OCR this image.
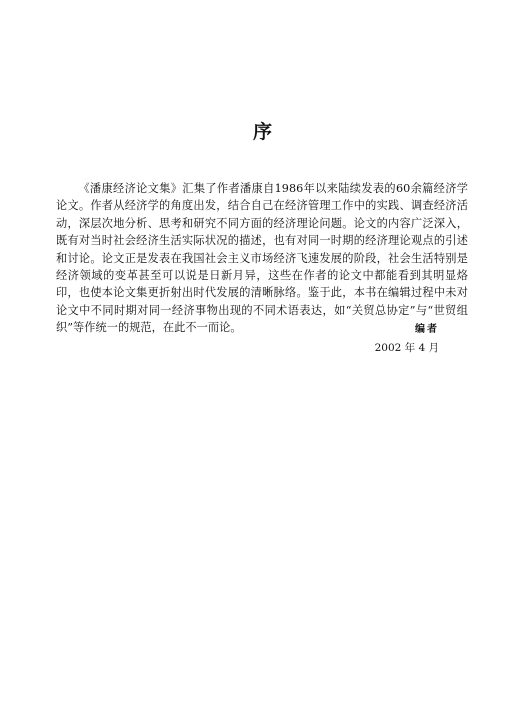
序

《潘康经济论文集》汇集了作者潘康自1986年以来陆续发表的60余篇经济学论文。作者从经济学的角度出发，结合自己在经济管理工作中的实践、调查经济活动，深层次地分析、思考和研究不同方面的经济理论问题。论文的内容广泛深入，既有对当时社会经济生活实际状况的描述，也有对同一时期的经济理论观点的引述和讨论。论文正是发表在我国社会主义市场经济飞速发展的阶段，社会生活特别是经济领域的变革甚至可以说是日新月异，这些在作者的论文中都能看到其明显烙印，也使本论文集更折射出时代发展的清晰脉络。鉴于此，本书在编辑过程中未对论文中不同时期对同一经济事物出现的不同术语表达，如“关贸总协定”与“世贸组织”等作统一的规范，在此不一而论。	编者
2002 年 4 月
